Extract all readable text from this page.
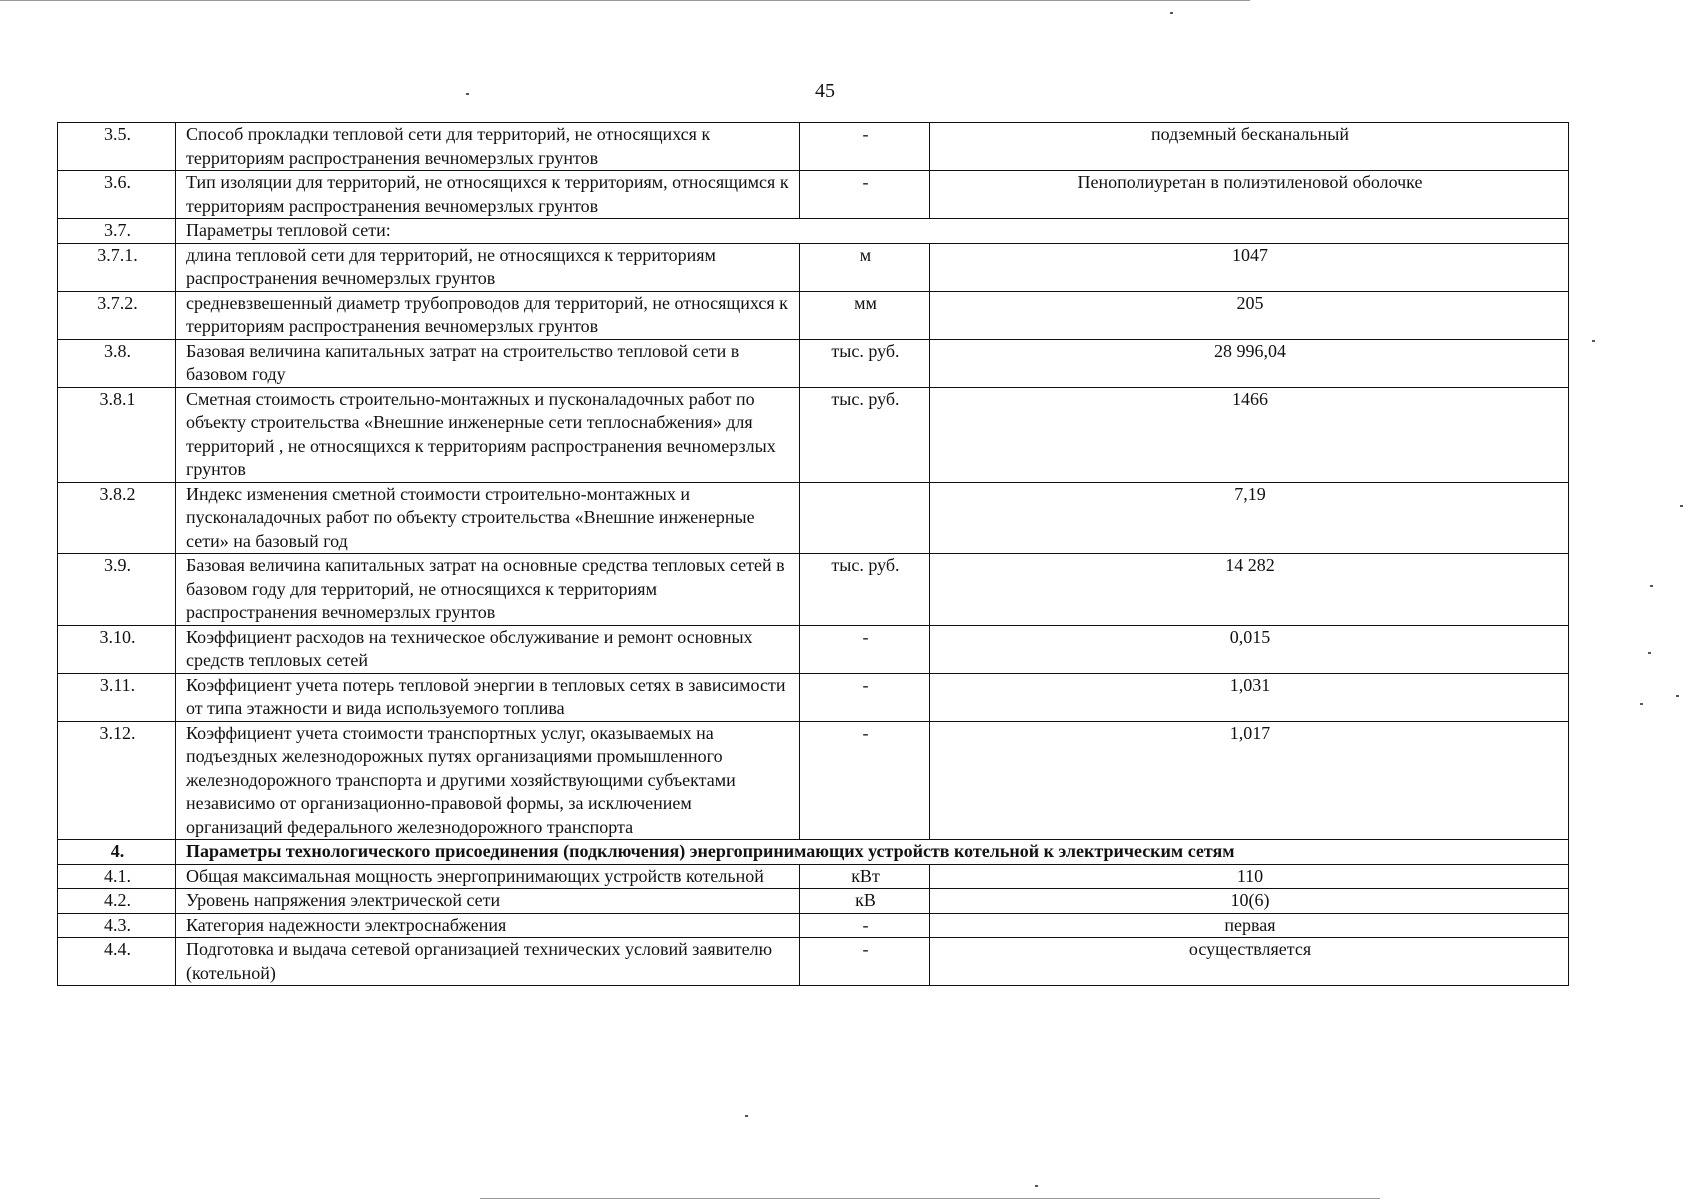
45
3.5.	Способ прокладки тепловой сети для территорий, не относящихся к территориям распространения вечномерзлых грунтов	-	подземный бесканальный
3.6.	Тип изоляции для территорий, не относящихся к территориям, относящимся к территориям распространения вечномерзлых грунтов	-	Пенополиуретан в полиэтиленовой оболочке
3.7.	Параметры тепловой сети:		
3.7.1.	длина тепловой сети для территорий, не относящихся к территориям распространения вечномерзлых грунтов	м	1047
3.7.2.	средневзвешенный диаметр трубопроводов для территорий, не относящихся к территориям распространения вечномерзлых грунтов	мм	205
3.8.	Базовая величина капитальных затрат на строительство тепловой сети в базовом году	тыс. руб.	28 996,04
3.8.1	Сметная стоимость строительно-монтажных и пусконаладочных работ по объекту строительства «Внешние инженерные сети теплоснабжения» для территорий , не относящихся к территориям распространения вечномерзлых грунтов	тыс. руб.	1466
3.8.2	Индекс изменения сметной стоимости строительно-монтажных и пусконаладочных работ по объекту строительства «Внешние инженерные сети» на базовый год		7,19
3.9.	Базовая величина капитальных затрат на основные средства тепловых сетей в базовом году для территорий, не относящихся к территориям распространения вечномерзлых грунтов	тыс. руб.	14 282
3.10.	Коэффициент расходов на техническое обслуживание и ремонт основных средств тепловых сетей	-	0,015
3.11.	Коэффициент учета потерь тепловой энергии в тепловых сетях в зависимости от типа этажности и вида используемого топлива	-	1,031
3.12.	Коэффициент учета стоимости транспортных услуг, оказываемых на подъездных железнодорожных путях организациями промышленного железнодорожного транспорта и другими хозяйствующими субъектами независимо от организационно-правовой формы, за исключением организаций федерального железнодорожного транспорта	-	1,017
4.	Параметры технологического присоединения (подключения) энергопринимающих устройств котельной к электрическим сетям		
4.1.	Общая максимальная мощность энергопринимающих устройств котельной	кВт	110
4.2.	Уровень напряжения электрической сети	кВ	10(6)
4.3.	Категория надежности электроснабжения	-	первая
4.4.	Подготовка и выдача сетевой организацией технических условий заявителю (котельной)	-	осуществляется
